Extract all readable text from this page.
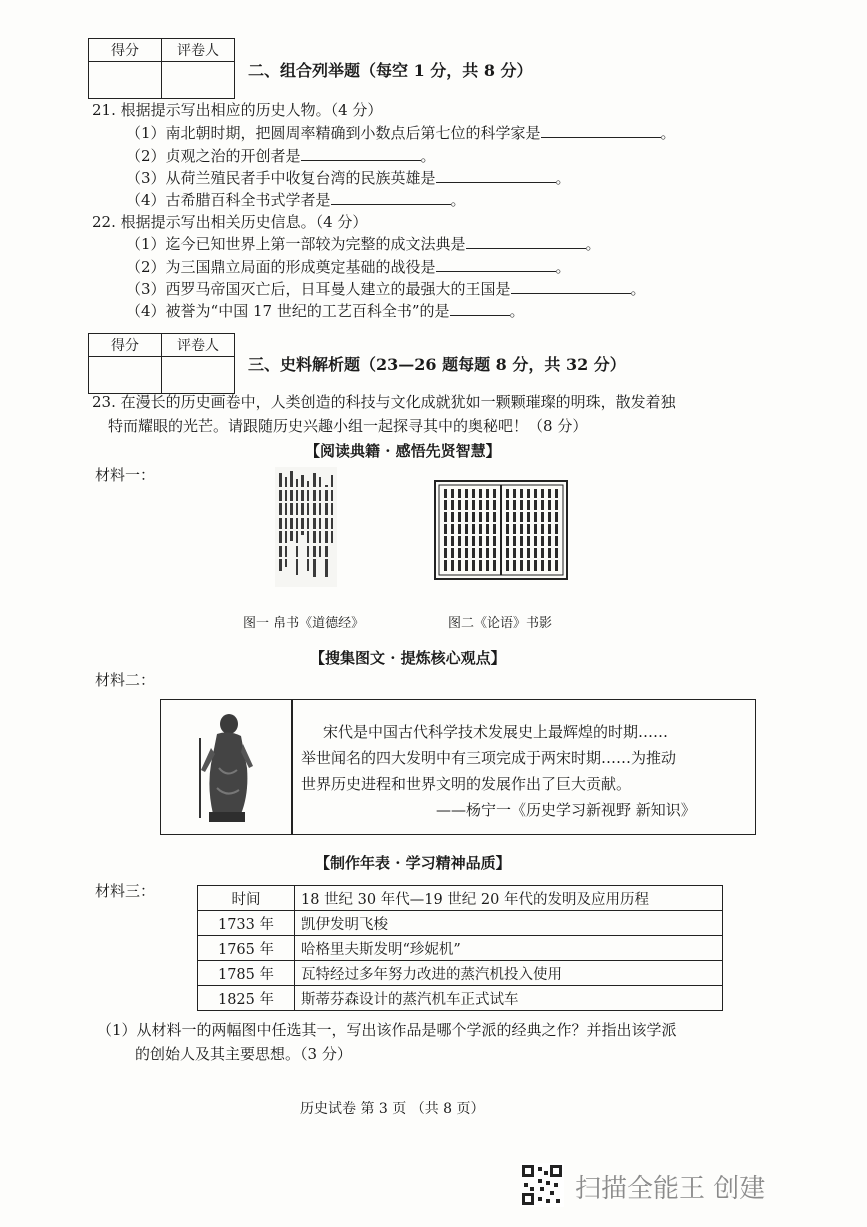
得分	评卷人

二、组合列举题（每空 1 分，共 8 分）
21. 根据提示写出相应的历史人物。（4 分）
（1）南北朝时期，把圆周率精确到小数点后第七位的科学家是	。
（2）贞观之治的开创者是	。
（3）从荷兰殖民者手中收复台湾的民族英雄是	。
（4）古希腊百科全书式学者是	。
22. 根据提示写出相关历史信息。（4 分）
（1）迄今已知世界上第一部较为完整的成文法典是	。
（2）为三国鼎立局面的形成奠定基础的战役是	。
（3）西罗马帝国灭亡后，日耳曼人建立的最强大的王国是	。
（4）被誉为“中国 17 世纪的工艺百科全书”的是	。
得分	评卷人

三、史料解析题（23—26 题每题 8 分，共 32 分）
23. 在漫长的历史画卷中，人类创造的科技与文化成就犹如一颗颗璀璨的明珠，散发着独
特而耀眼的光芒。请跟随历史兴趣小组一起探寻其中的奥秘吧！（8 分）
【阅读典籍 · 感悟先贤智慧】
材料一：
图一 帛书《道德经》	图二《论语》书影
【搜集图文 · 提炼核心观点】
材料二：
宋代是中国古代科学技术发展史上最辉煌的时期……
举世闻名的四大发明中有三项完成于两宋时期……为推动
世界历史进程和世界文明的发展作出了巨大贡献。
——杨宁一《历史学习新视野 新知识》
【制作年表 · 学习精神品质】
材料三：	时间	18 世纪 30 年代—19 世纪 20 年代的发明及应用历程
1733 年	凯伊发明飞梭
1765 年	哈格里夫斯发明“珍妮机”
1785 年	瓦特经过多年努力改进的蒸汽机投入使用
1825 年	斯蒂芬森设计的蒸汽机车正式试车
（1）从材料一的两幅图中任选其一，写出该作品是哪个学派的经典之作？并指出该学派
的创始人及其主要思想。（3 分）
历史试卷 第 3 页 （共 8 页）
扫描全能王 创建
